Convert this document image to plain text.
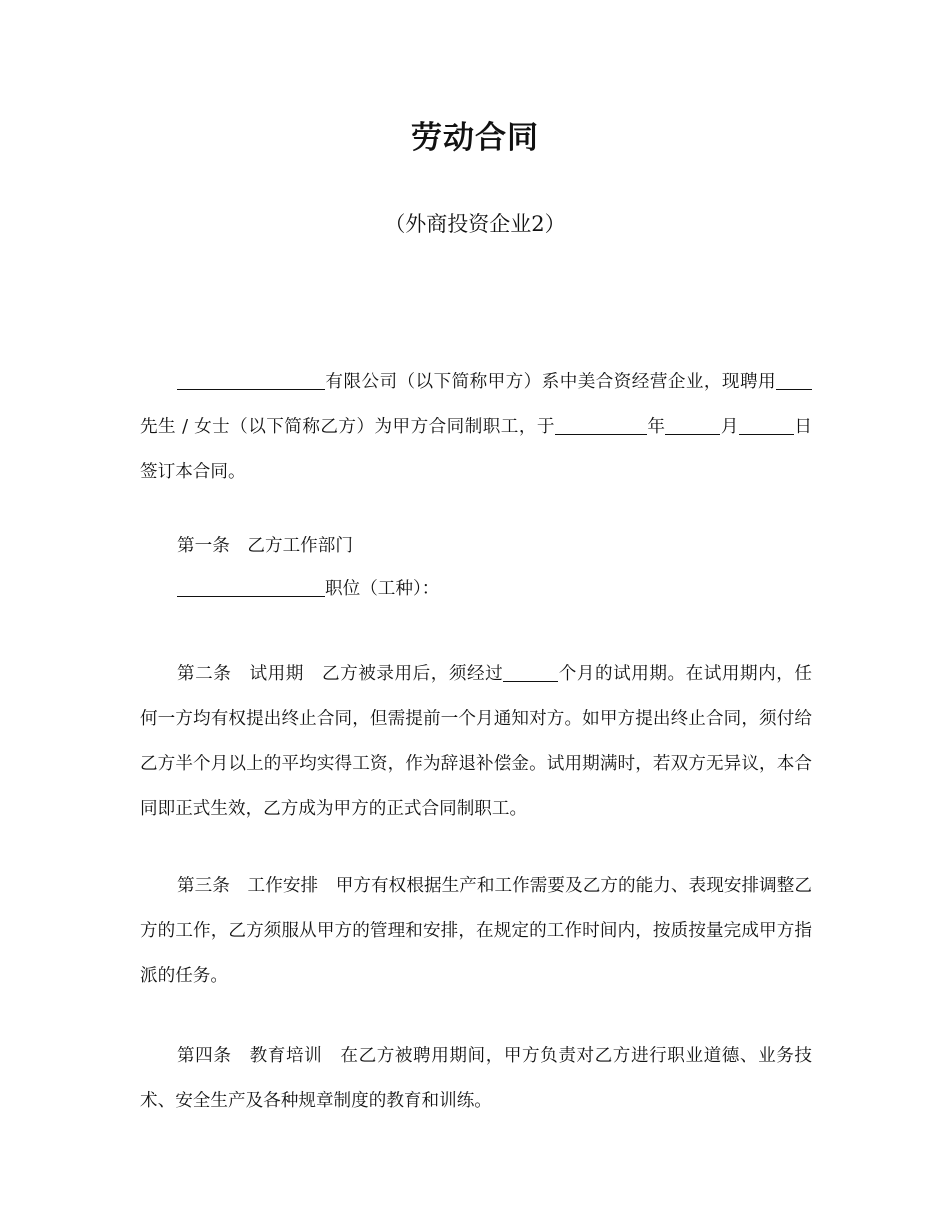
劳动合同
（外商投资企业2）
有限公司（以下简称甲方）系中美合资经营企业，现聘用先生 / 女士（以下简称乙方）为甲方合同制职工，于	年	月	日签订本合同。
第一条　乙方工作部门
职位（工种）：
第二条　试用期　乙方被录用后，须经过	个月的试用期。在试用期内，任何一方均有权提出终止合同，但需提前一个月通知对方。如甲方提出终止合同，须付给乙方半个月以上的平均实得工资，作为辞退补偿金。试用期满时，若双方无异议，本合同即正式生效，乙方成为甲方的正式合同制职工。
第三条　工作安排　甲方有权根据生产和工作需要及乙方的能力、表现安排调整乙方的工作，乙方须服从甲方的管理和安排，在规定的工作时间内，按质按量完成甲方指派的任务。
第四条　教育培训　在乙方被聘用期间，甲方负责对乙方进行职业道德、业务技术、安全生产及各种规章制度的教育和训练。
